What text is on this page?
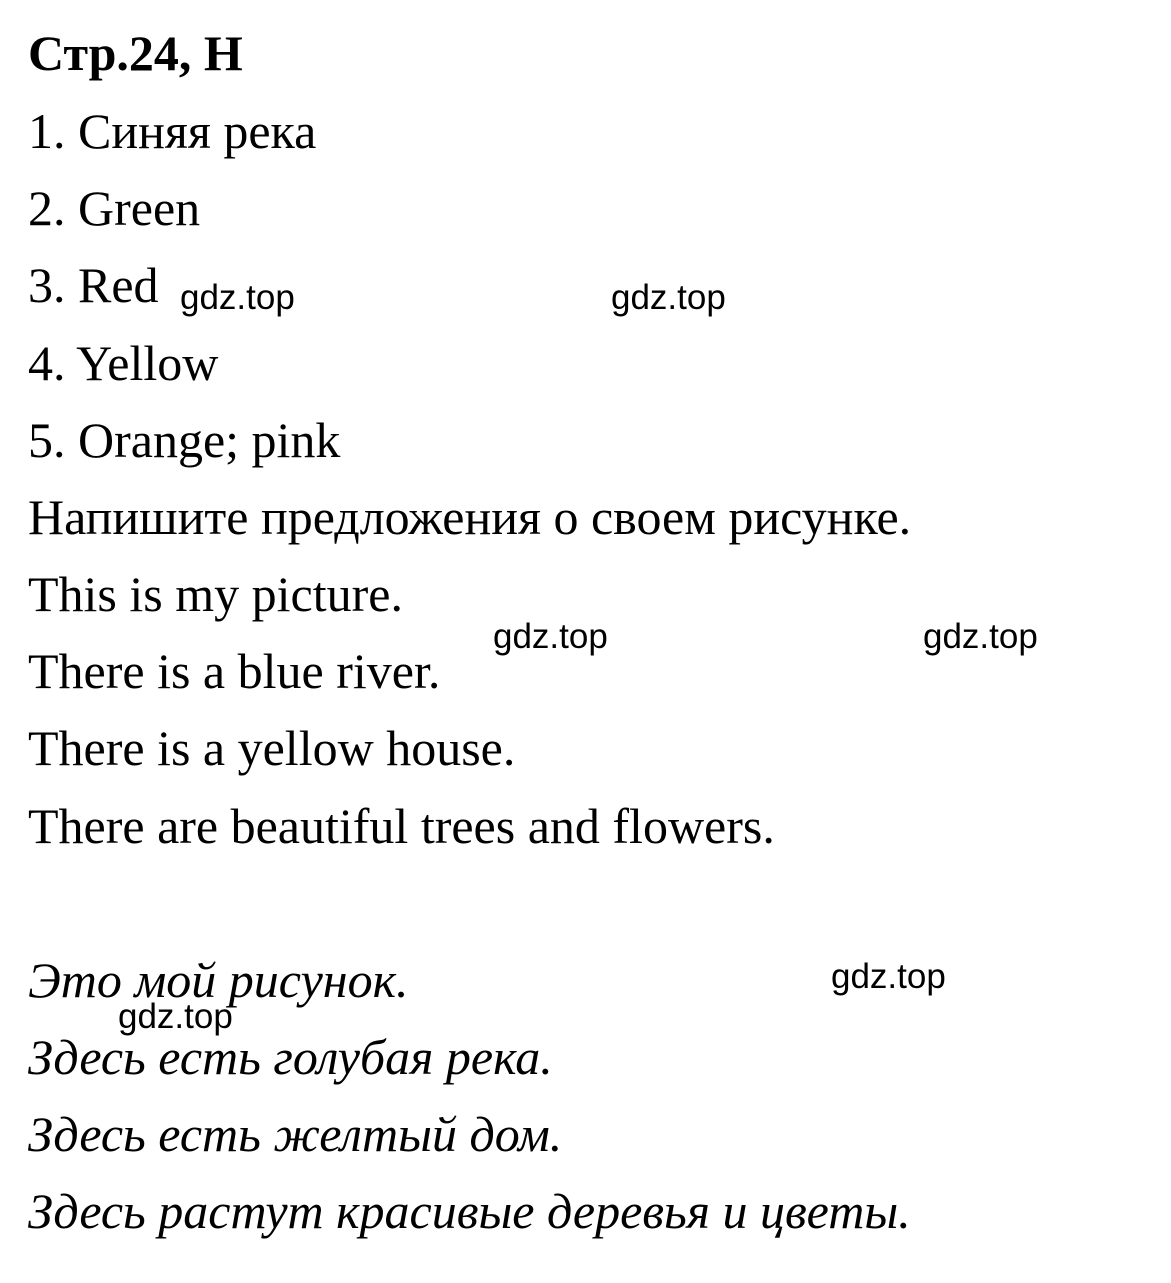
Стр.24, H

1. Синяя река

2. Green

3. Red

4. Yellow

5. Orange; pink

Напишите предложения о своем рисунке.

This is my picture.

There is a blue river.

There is a yellow house.

There are beautiful trees and flowers.

Это мой рисунок.

Здесь есть голубая река.

Здесь есть желтый дом.

Здесь растут красивые деревья и цветы.

gdz.top	gdz.top
gdz.top	gdz.top
gdz.top
gdz.top
